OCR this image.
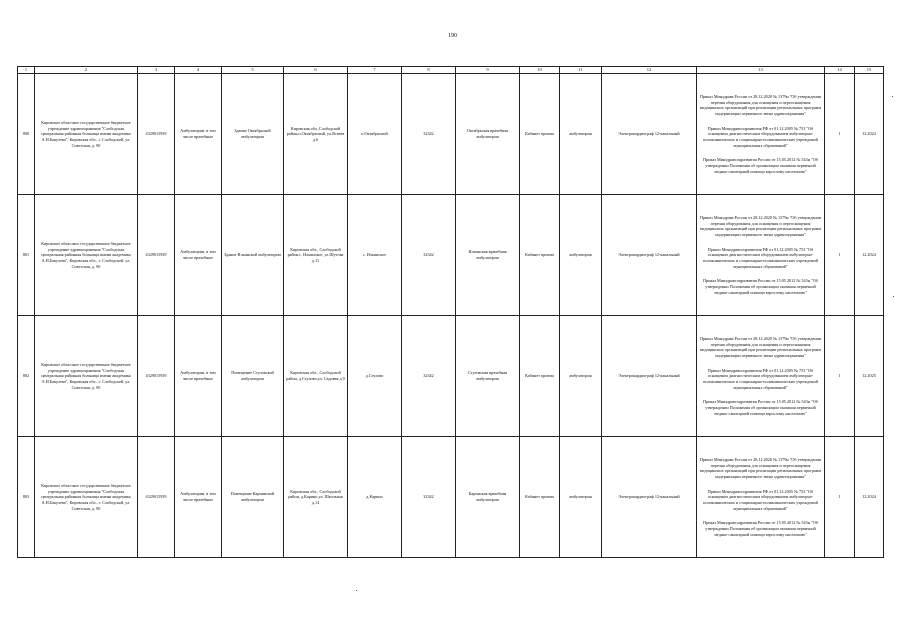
190
1	2	3	4	5	6	7	8	9	10	11	12	13	14	15
800	Кировское областное государственное бюджетное учреждение здравоохранения "Слободская центральная районная больница имени академика А.Н.Бакулева", Кировская обл., г. Слободской, ул. Советская, д. 90	4329015939	Амбулатории, в том числе врачебные	Здание Октябрьской амбулатории	Кировская обл.,Слободской район,п.Октябрьский, ул.Ясеева д.6	п.Октябрьский	32342	Октябрьская врачебная амбулатория	Кабинет приема	амбулатория	Электрокардиограф 12-канальный	Приказ Минздрава России от 28.12.2020 № 1379н "Об утверждении перечня оборудования для оснащения и переоснащения медицинских организаций при реализации региональных программ модернизации первичного звена здравоохранения"

Приказ Минздравсоцразвития РФ от 01.12.2005 № 753 "Об оснащении диагностическим оборудованием амбулаторно-поликлинических и стационарно-поликлинических учреждений муниципальных образований"

Приказ Минздравсоцразвития России от 15.05.2012 № 543н "Об утверждении Положения об организации оказания первичной медико-санитарной помощи взрослому населению"	1	12.2024
801	Кировское областное государственное бюджетное учреждение здравоохранения "Слободская центральная районная больница имени академика А.Н.Бакулева", Кировская обл., г. Слободской, ул. Советская, д. 90	4329015939	Амбулатории, в том числе врачебные	Здание Ильинской амбулатории	Кировская обл., Слободской район,с. Ильинское, ул.Шутова д.11	с. Ильинское	32342	Ильинская врачебная амбулатория	Кабинет приема	амбулатория	Электрокардиограф 12-канальный	Приказ Минздрава России от 28.12.2020 № 1379н "Об утверждении перечня оборудования для оснащения и переоснащения медицинских организаций при реализации региональных программ модернизации первичного звена здравоохранения"

Приказ Минздравсоцразвития РФ от 01.12.2005 № 753 "Об оснащении диагностическим оборудованием амбулаторно-поликлинических и стационарно-поликлинических учреждений муниципальных образований"

Приказ Минздравсоцразвития России от 15.05.2012 № 543н "Об утверждении Положения об организации оказания первичной медико-санитарной помощи взрослому населению"	1	12.2024
802	Кировское областное государственное бюджетное учреждение здравоохранения "Слободская центральная районная больница имени академика А.Н.Бакулева", Кировская обл., г. Слободской, ул. Советская, д. 90	4329015939	Амбулатории, в том числе врачебные	Помещение Стуловской амбулатории	Кировская обл., Слободской район, д.Стулово,ул. Садовая д.9	д.Стулово	32342	Стуловская врачебная амбулатория	Кабинет приема	амбулатория	Электрокардиограф 12-канальный	Приказ Минздрава России от 28.12.2020 № 1379н "Об утверждении перечня оборудования для оснащения и переоснащения медицинских организаций при реализации региональных программ модернизации первичного звена здравоохранения"

Приказ Минздравсоцразвития РФ от 01.12.2005 № 753 "Об оснащении диагностическим оборудованием амбулаторно-поликлинических и стационарно-поликлинических учреждений муниципальных образований"

Приказ Минздравсоцразвития России от 15.05.2012 № 543н "Об утверждении Положения об организации оказания первичной медико-санитарной помощи взрослому населению"	1	12.2025
803	Кировское областное государственное бюджетное учреждение здравоохранения "Слободская центральная районная больница имени академика А.Н.Бакулева", Кировская обл., г. Слободской, ул. Советская, д. 90	4329015939	Амбулатории, в том числе врачебные	Помещение Карнинской амбулатории	Кировская обл., Слободской район, д.Карино,ул. Школьная д.14	д.Карино	32342	Каринская врачебная амбулатория	Кабинет приема	амбулатория	Электрокардиограф 12-канальный	Приказ Минздрава России от 28.12.2020 № 1379н "Об утверждении перечня оборудования для оснащения и переоснащения медицинских организаций при реализации региональных программ модернизации первичного звена здравоохранения"

Приказ Минздравсоцразвития РФ от 01.12.2005 № 753 "Об оснащении диагностическим оборудованием амбулаторно-поликлинических и стационарно-поликлинических учреждений муниципальных образований"

Приказ Минздравсоцразвития России от 15.05.2012 № 543н "Об утверждении Положения об организации оказания первичной медико-санитарной помощи взрослому населению"	1	12.2024
